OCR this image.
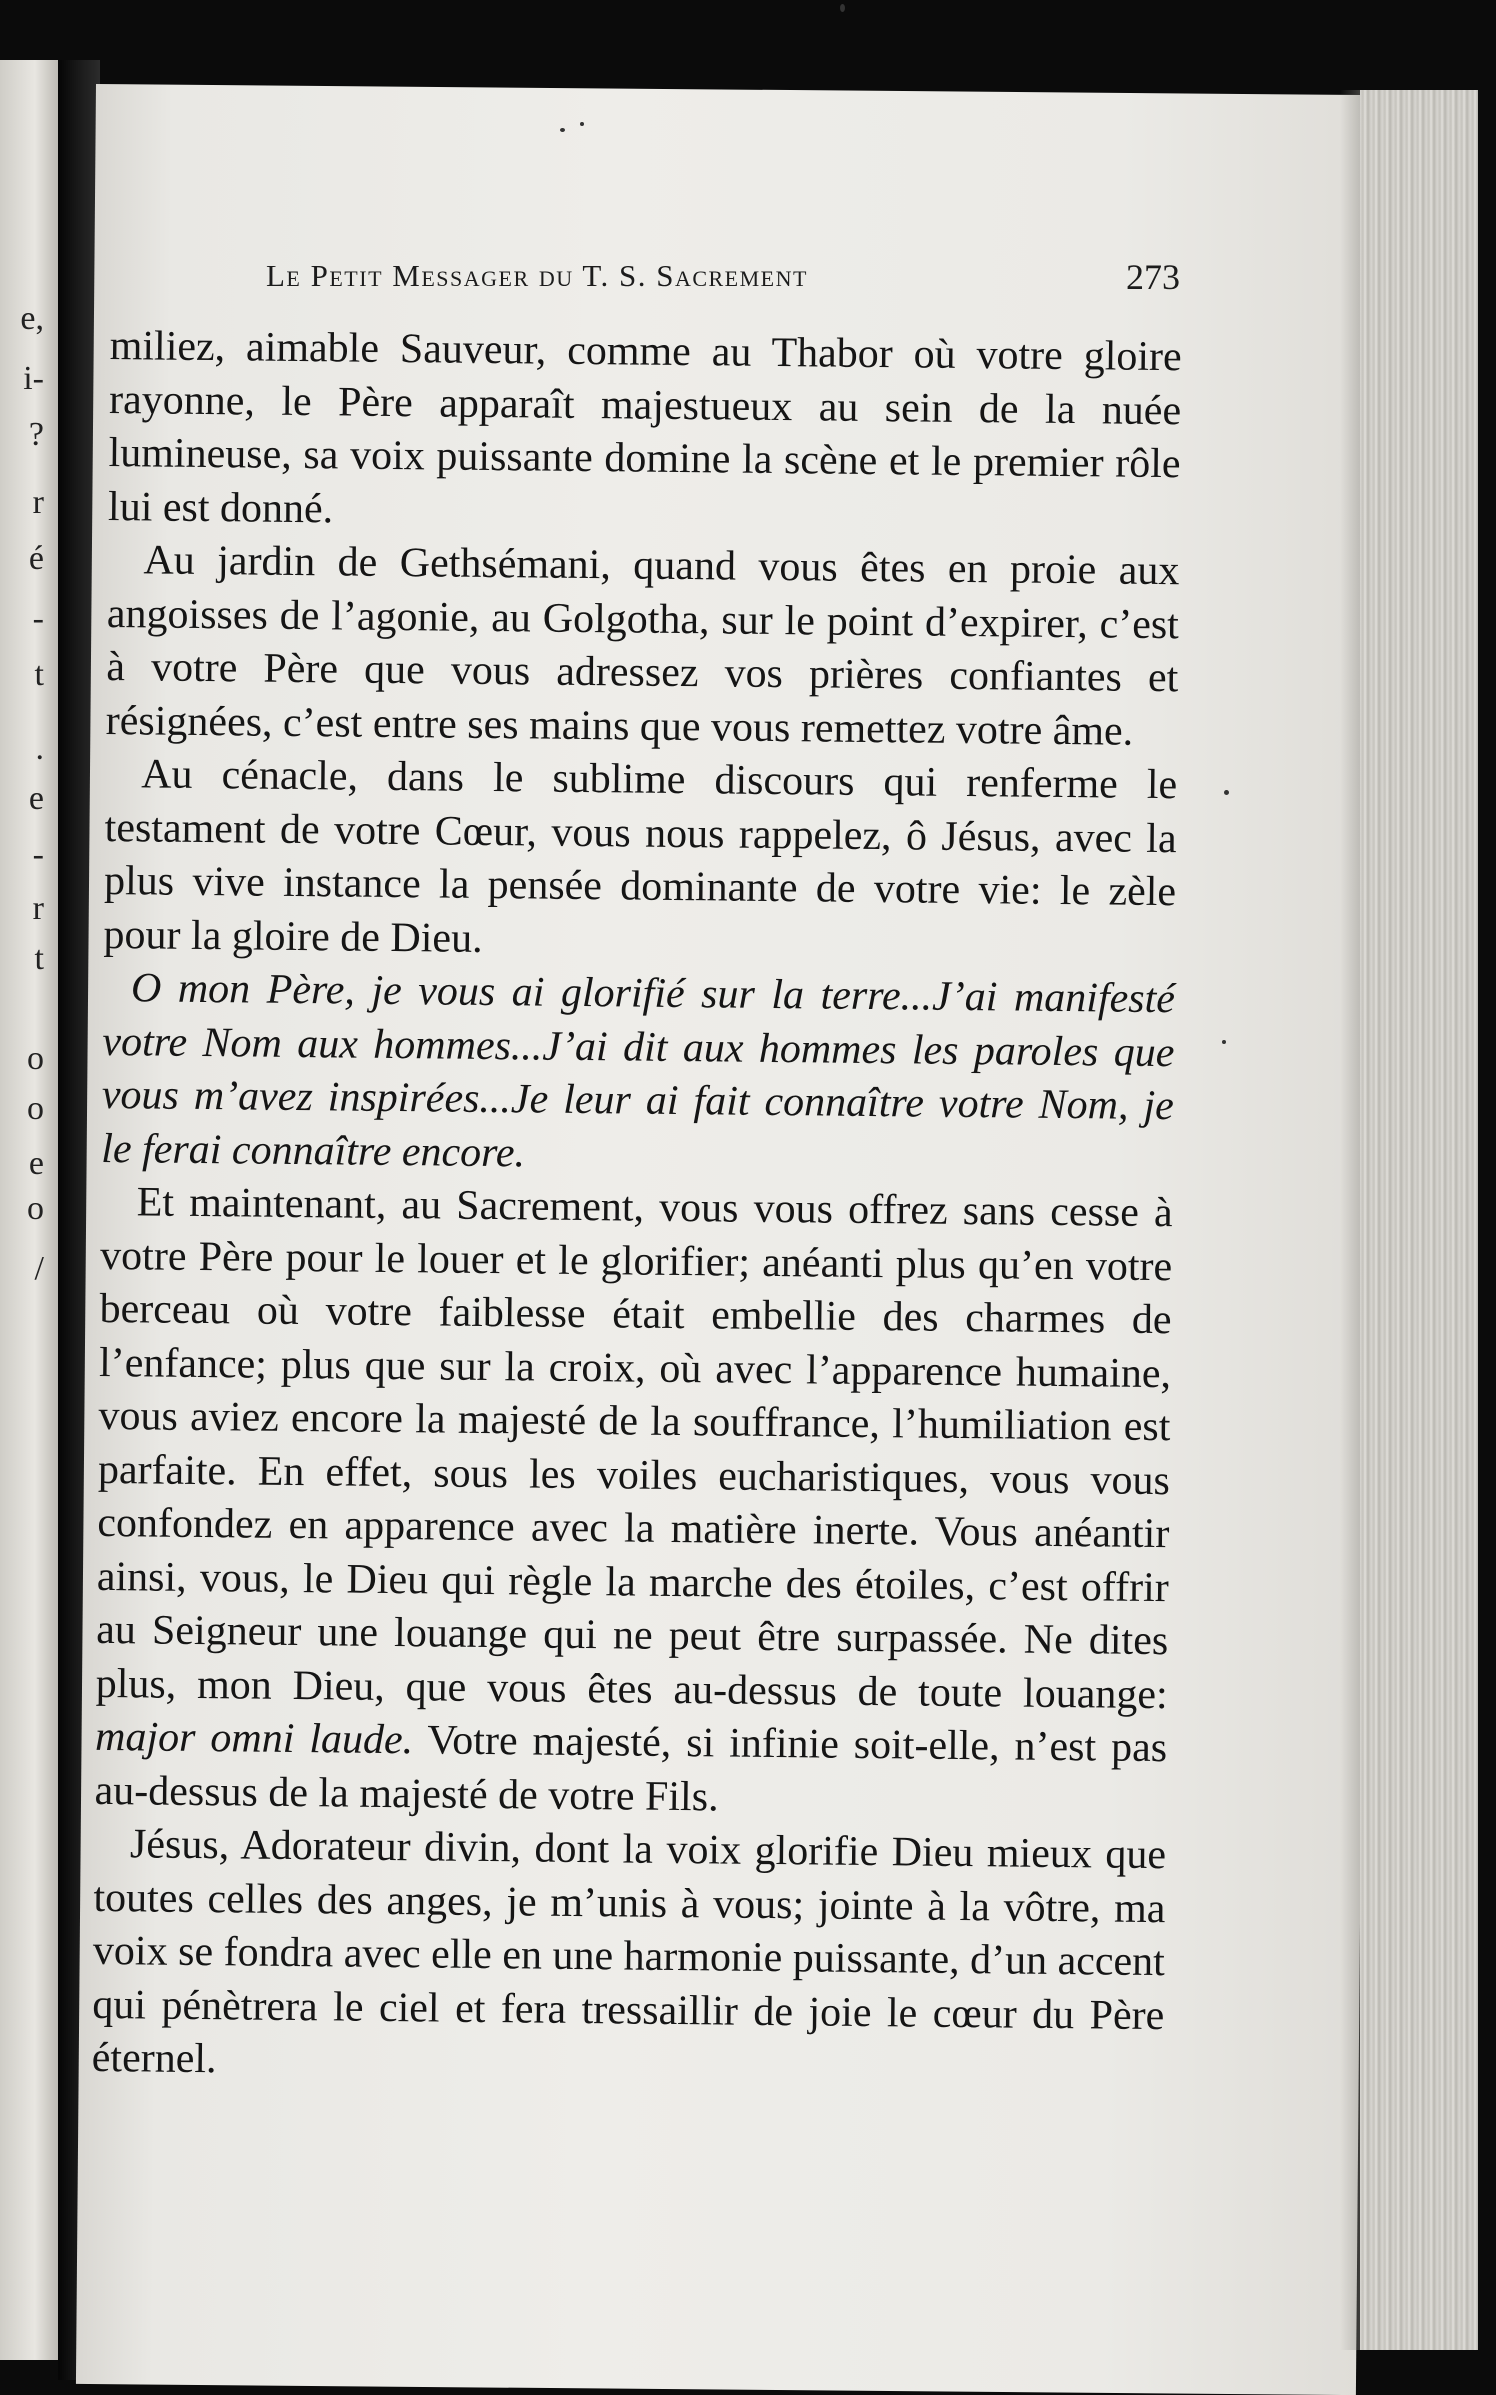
e,
i-
?
r
é
-
t
.
e
-
r
t
o
o
e
o
/
Le Petit Messager du T. S. Sacrement	273

miliez, aimable Sauveur, comme au Thabor où votre gloire rayonne, le Père apparaît majestueux au sein de la nuée lumineuse, sa voix puissante domine la scène et le premier rôle lui est donné.

Au jardin de Gethsémani, quand vous êtes en proie aux angoisses de l’agonie, au Golgotha, sur le point d’expirer, c’est à votre Père que vous adressez vos prières confiantes et résignées, c’est entre ses mains que vous remettez votre âme.

Au cénacle, dans le sublime discours qui renferme le testament de votre Cœur, vous nous rappelez, ô Jésus, avec la plus vive instance la pensée dominante de votre vie: le zèle pour la gloire de Dieu.

O mon Père, je vous ai glorifié sur la terre...J’ai manifesté votre Nom aux hommes...J’ai dit aux hommes les paroles que vous m’avez inspirées...Je leur ai fait connaître votre Nom, je le ferai connaître encore.

Et maintenant, au Sacrement, vous vous offrez sans cesse à votre Père pour le louer et le glorifier; anéanti plus qu’en votre berceau où votre faiblesse était embellie des charmes de l’enfance; plus que sur la croix, où avec l’apparence humaine, vous aviez encore la majesté de la souffrance, l’humiliation est parfaite. En effet, sous les voiles eucharistiques, vous vous confondez en apparence avec la matière inerte. Vous anéantir ainsi, vous, le Dieu qui règle la marche des étoiles, c’est offrir au Seigneur une louange qui ne peut être surpassée. Ne dites plus, mon Dieu, que vous êtes au-dessus de toute louange: major omni laude. Votre majesté, si infinie soit-elle, n’est pas au-dessus de la majesté de votre Fils.

Jésus, Adorateur divin, dont la voix glorifie Dieu mieux que toutes celles des anges, je m’unis à vous; jointe à la vôtre, ma voix se fondra avec elle en une harmonie puissante, d’un accent qui pénètrera le ciel et fera tressaillir de joie le cœur du Père éternel.
